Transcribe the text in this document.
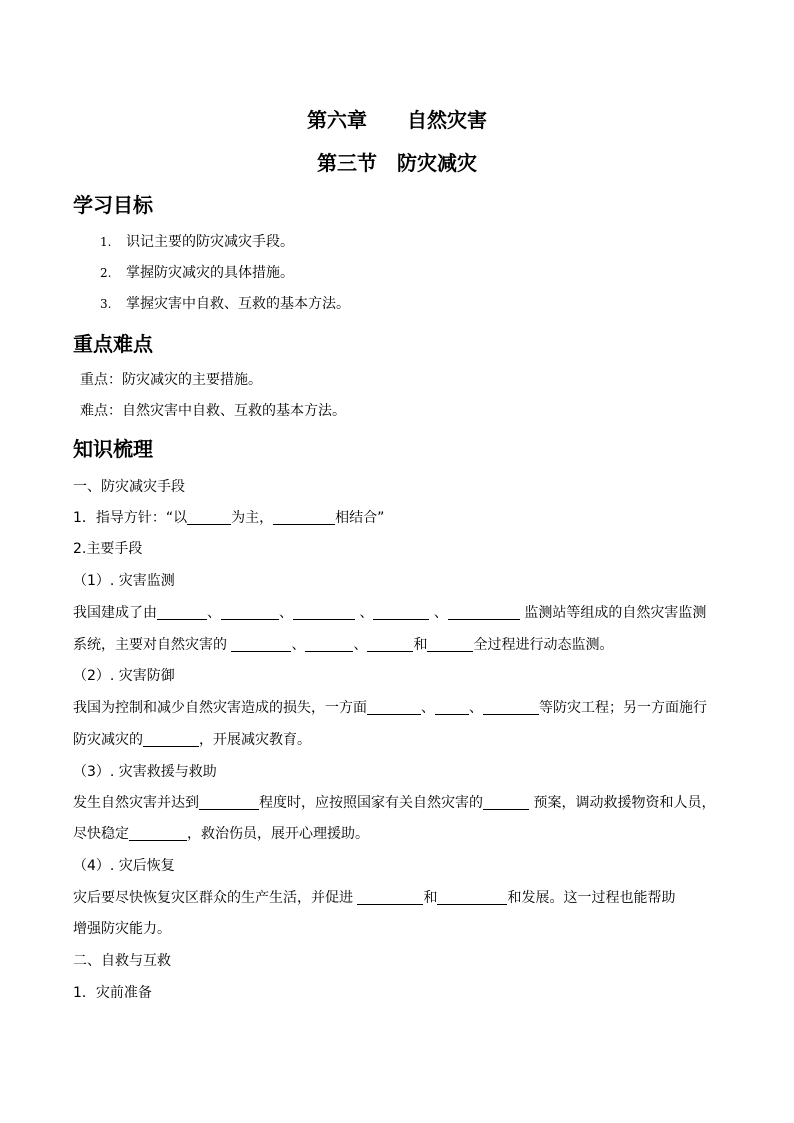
第六章　　自然灾害
第三节　防灾减灾
学习目标
1. 识记主要的防灾减灾手段。
2. 掌握防灾减灾的具体措施。
3. 掌握灾害中自救、互救的基本方法。
重点难点
重点：防灾减灾的主要措施。
难点：自然灾害中自救、互救的基本方法。
知识梳理
一、防灾减灾手段
1．指导方针：“以	为主，	相结合”
2.主要手段
（1）. 灾害监测
我国建成了由	、	、	、	、	监测站等组成的自然灾害监测
系统，主要对自然灾害的	、	、	和	全过程进行动态监测。
（2）. 灾害防御
我国为控制和减少自然灾害造成的损失，一方面	、 、	等防灾工程；另一方面施行
防灾减灾的	，开展减灾教育。
（3）. 灾害救援与救助
发生自然灾害并达到	程度时，应按照国家有关自然灾害的	预案，调动救援物资和人员，
尽快稳定	，救治伤员，展开心理援助。
（4）. 灾后恢复
灾后要尽快恢复灾区群众的生产生活，并促进	和	和发展。这一过程也能帮助
增强防灾能力。
二、自救与互救
1．灾前准备
